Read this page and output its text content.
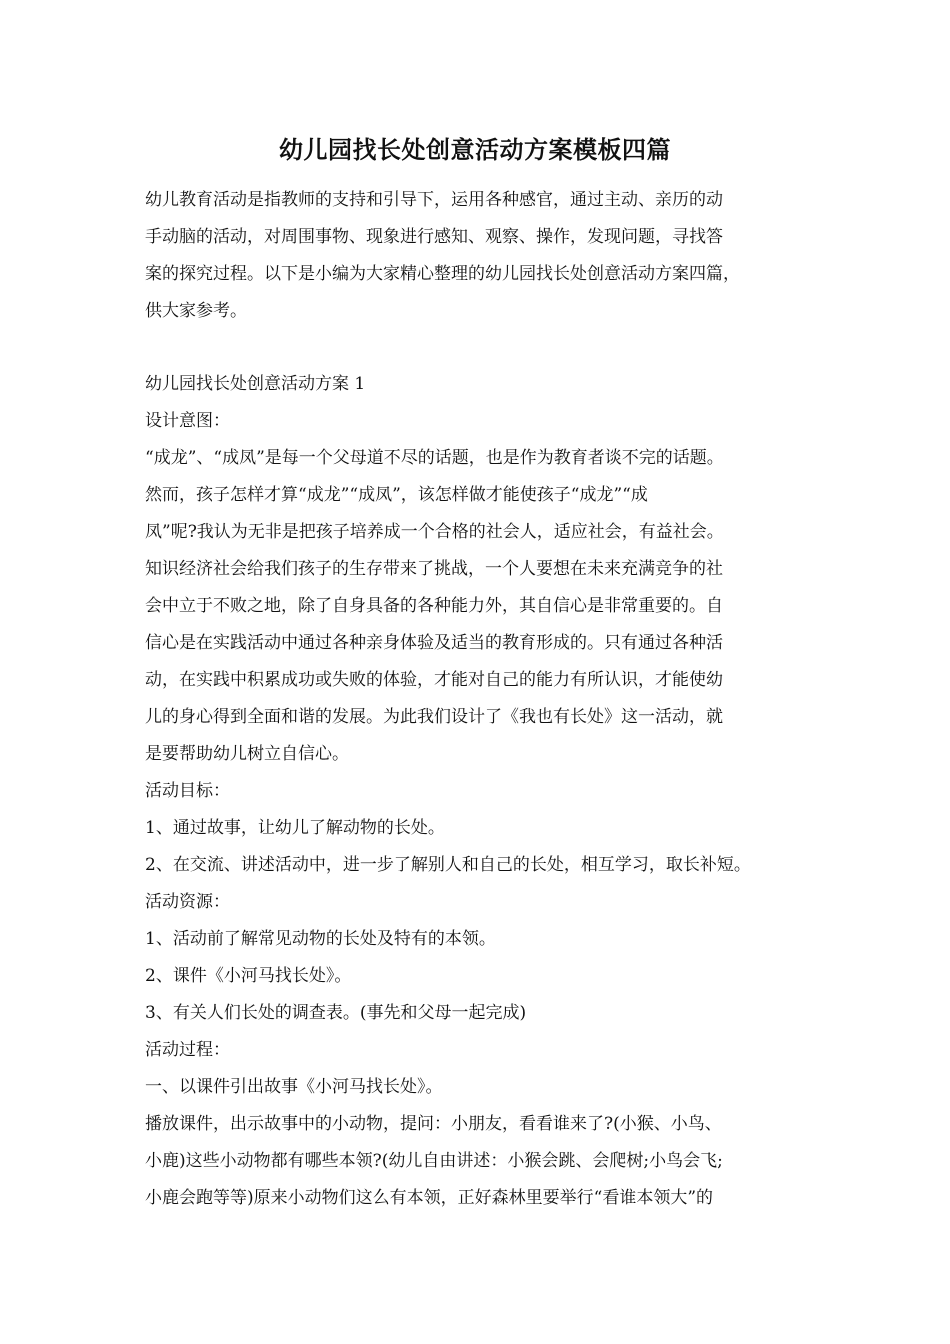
幼儿园找长处创意活动方案模板四篇
幼儿教育活动是指教师的支持和引导下，运用各种感官，通过主动、亲历的动
手动脑的活动，对周围事物、现象进行感知、观察、操作，发现问题，寻找答
案的探究过程。以下是小编为大家精心整理的幼儿园找长处创意活动方案四篇，
供大家参考。
幼儿园找长处创意活动方案 1
设计意图：
“成龙”、“成凤”是每一个父母道不尽的话题，也是作为教育者谈不完的话题。
然而，孩子怎样才算“成龙”“成凤”，该怎样做才能使孩子“成龙”“成
凤”呢?我认为无非是把孩子培养成一个合格的社会人，适应社会，有益社会。
知识经济社会给我们孩子的生存带来了挑战，一个人要想在未来充满竞争的社
会中立于不败之地，除了自身具备的各种能力外，其自信心是非常重要的。自
信心是在实践活动中通过各种亲身体验及适当的教育形成的。只有通过各种活
动，在实践中积累成功或失败的体验，才能对自己的能力有所认识，才能使幼
儿的身心得到全面和谐的发展。为此我们设计了《我也有长处》这一活动，就
是要帮助幼儿树立自信心。
活动目标：
1、通过故事，让幼儿了解动物的长处。
2、在交流、讲述活动中，进一步了解别人和自己的长处，相互学习，取长补短。
活动资源：
1、活动前了解常见动物的长处及特有的本领。
2、课件《小河马找长处》。
3、有关人们长处的调查表。(事先和父母一起完成)
活动过程：
一、以课件引出故事《小河马找长处》。
播放课件，出示故事中的小动物，提问：小朋友，看看谁来了?(小猴、小鸟、
小鹿)这些小动物都有哪些本领?(幼儿自由讲述：小猴会跳、会爬树;小鸟会飞;
小鹿会跑等等)原来小动物们这么有本领，正好森林里要举行“看谁本领大”的
